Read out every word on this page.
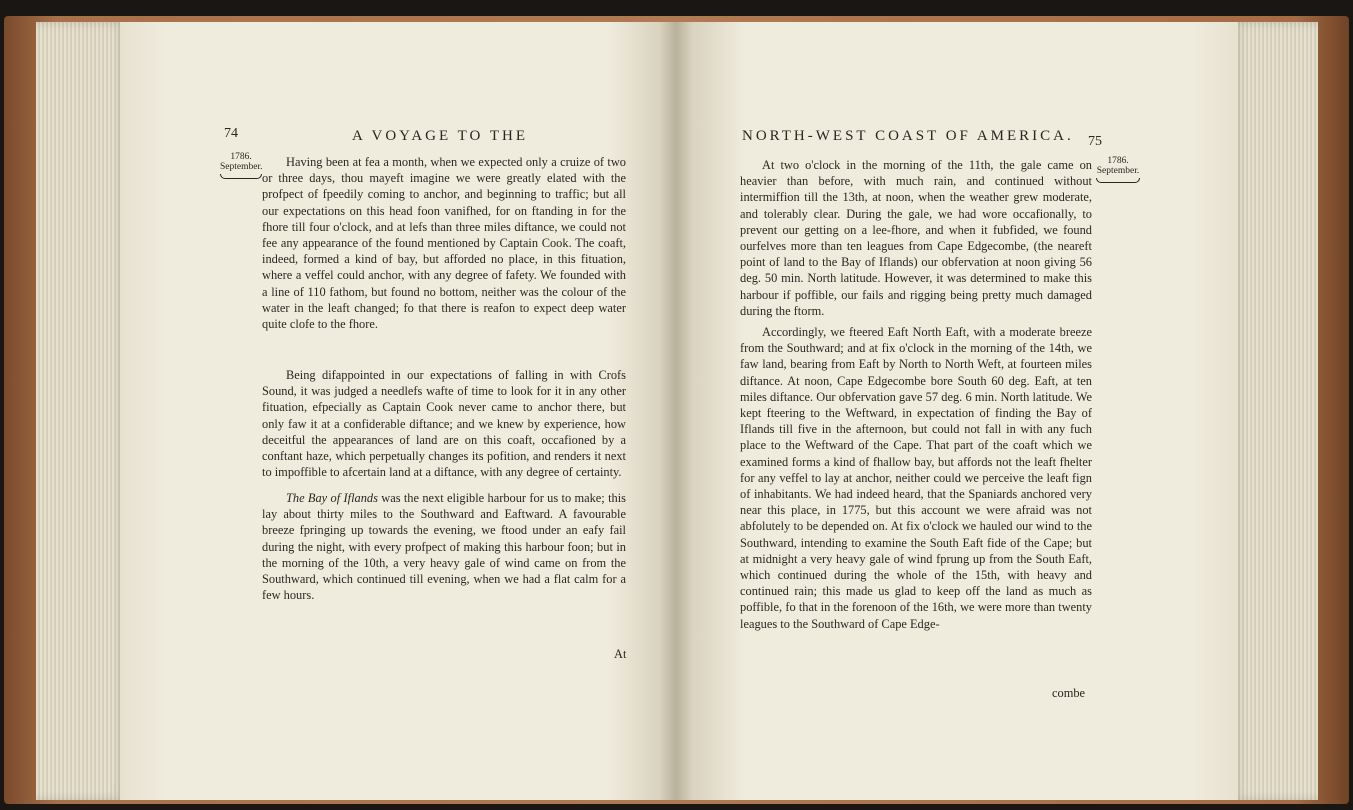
74	A VOYAGE TO THE
1786.
September.	Having been at fea a month, when we expected only a cruize of two or three days, thou mayeft imagine we were greatly elated with the profpect of fpeedily coming to anchor, and beginning to traffic; but all our expectations on this head foon vanifhed, for on ftanding in for the fhore till four o'clock, and at lefs than three miles diftance, we could not fee any appearance of the found mentioned by Captain Cook. The coaft, indeed, formed a kind of bay, but afforded no place, in this fituation, where a veffel could anchor, with any degree of fafety. We founded with a line of 110 fathom, but found no bottom, neither was the colour of the water in the leaft changed; fo that there is reafon to expect deep water quite clofe to the fhore.

Being difappointed in our expectations of falling in with Crofs Sound, it was judged a needlefs wafte of time to look for it in any other fituation, efpecially as Captain Cook never came to anchor there, but only faw it at a confiderable diftance; and we knew by experience, how deceitful the appearances of land are on this coaft, occafioned by a conftant haze, which perpetually changes its pofition, and renders it next to impoffible to afcertain land at a diftance, with any degree of certainty.

The Bay of Iflands was the next eligible harbour for us to make; this lay about thirty miles to the Southward and Eaftward. A favourable breeze fpringing up towards the evening, we ftood under an eafy fail during the night, with every profpect of making this harbour foon; but in the morning of the 10th, a very heavy gale of wind came on from the Southward, which continued till evening, when we had a flat calm for a few hours.

At
NORTH-WEST COAST OF AMERICA. 75
1786.
September.

At two o'clock in the morning of the 11th, the gale came on heavier than before, with much rain, and continued without intermiffion till the 13th, at noon, when the weather grew moderate, and tolerably clear. During the gale, we had wore occafionally, to prevent our getting on a lee-fhore, and when it fubfided, we found ourfelves more than ten leagues from Cape Edgecombe, (the neareft point of land to the Bay of Iflands) our obfervation at noon giving 56 deg. 50 min. North latitude. However, it was determined to make this harbour if poffible, our fails and rigging being pretty much damaged during the ftorm.

Accordingly, we fteered Eaft North Eaft, with a moderate breeze from the Southward; and at fix o'clock in the morning of the 14th, we faw land, bearing from Eaft by North to North Weft, at fourteen miles diftance. At noon, Cape Edgecombe bore South 60 deg. Eaft, at ten miles diftance. Our obfervation gave 57 deg. 6 min. North latitude. We kept fteering to the Weftward, in expectation of finding the Bay of Iflands till five in the afternoon, but could not fall in with any fuch place to the Weftward of the Cape. That part of the coaft which we examined forms a kind of fhallow bay, but affords not the leaft fhelter for any veffel to lay at anchor, neither could we perceive the leaft fign of inhabitants. We had indeed heard, that the Spaniards anchored very near this place, in 1775, but this account we were afraid was not abfolutely to be depended on. At fix o'clock we hauled our wind to the Southward, intending to examine the South Eaft fide of the Cape; but at midnight a very heavy gale of wind fprung up from the South Eaft, which continued during the whole of the 15th, with heavy and continued rain; this made us glad to keep off the land as much as poffible, fo that in the forenoon of the 16th, we were more than twenty leagues to the Southward of Cape Edge-

combe
